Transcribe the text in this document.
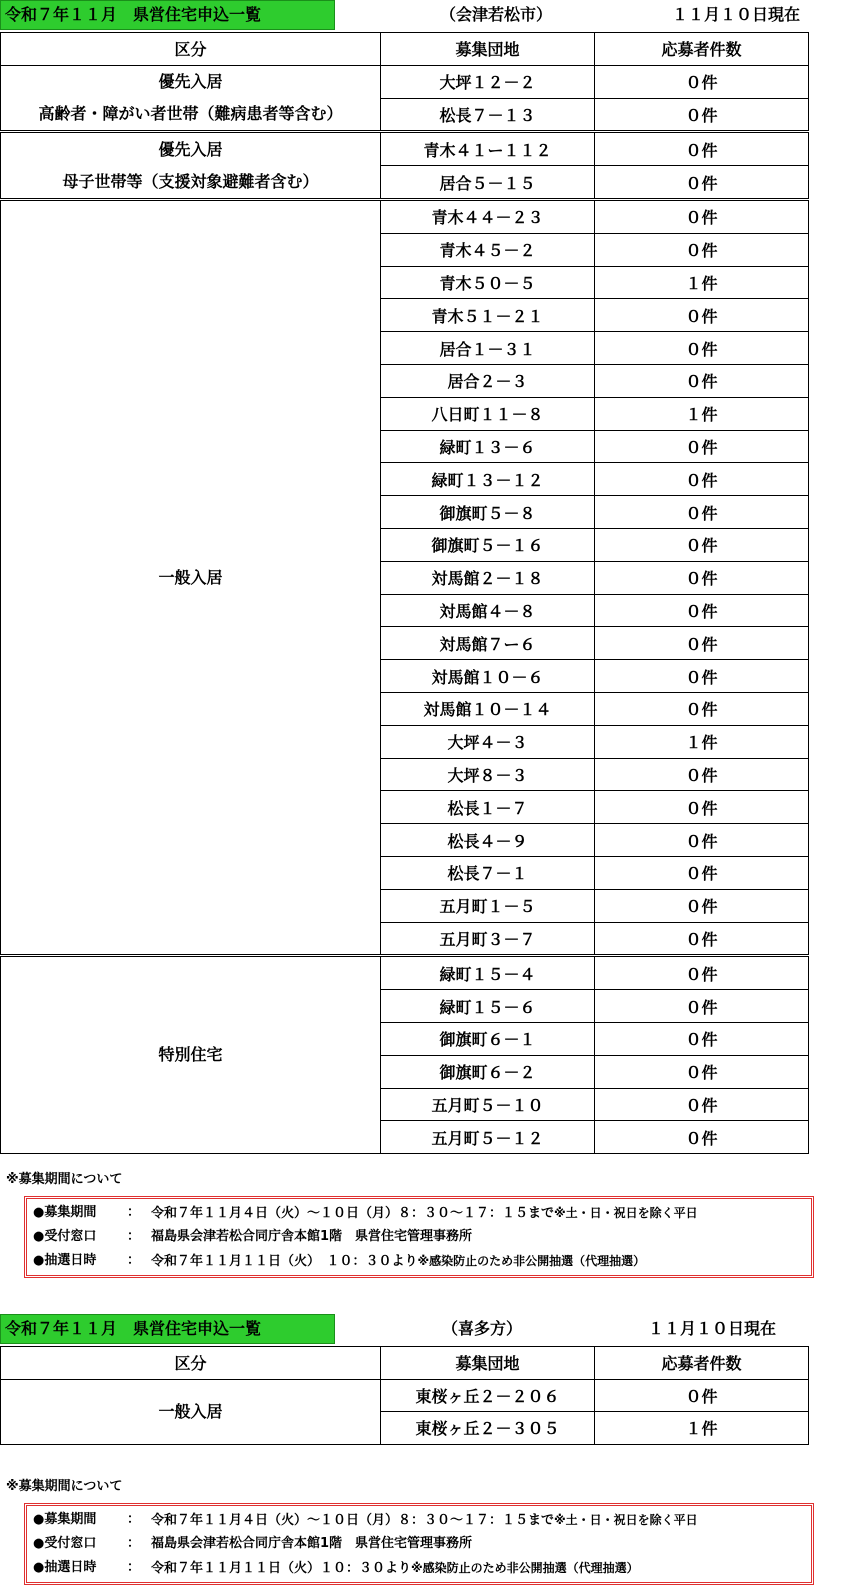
令和７年１１月　県営住宅申込一覧	（会津若松市）	１１月１０日現在
区分	募集団地	応募者件数

優先入居
高齢者・障がい者世帯（難病患者等含む）	大坪１２－２	０件
	松長７－１３	０件

優先入居
母子世帯等（支援対象避難者含む）	青木４１ー１１２	０件
	居合５－１５	０件

一般入居	青木４４－２３	０件
	青木４５－２	０件
	青木５０－５	１件
	青木５１－２１	０件
	居合１－３１	０件
	居合２－３	０件
	八日町１１－８	１件
	緑町１３－６	０件
	緑町１３－１２	０件
	御旗町５－８	０件
	御旗町５－１６	０件
	対馬館２－１８	０件
	対馬館４－８	０件
	対馬館７ー６	０件
	対馬館１０－６	０件
	対馬館１０－１４	０件
	大坪４－３	１件
	大坪８－３	０件
	松長１－７	０件
	松長４－９	０件
	松長７－１	０件
	五月町１－５	０件
	五月町３－７	０件

特別住宅	緑町１５－４	０件
	緑町１５－６	０件
	御旗町６－１	０件
	御旗町６－２	０件
	五月町５－１０	０件
	五月町５－１２	０件
※募集期間について
●募集期間 ： 令和７年１１月４日（火）～１０日（月）８：３０～１７：１５まで※土・日・祝日を除く平日
●受付窓口 ： 福島県会津若松合同庁舎本館1階　県営住宅管理事務所
●抽選日時 ： 令和７年１１月１１日（火）　１０：３０より※感染防止のため非公開抽選（代理抽選）
令和７年１１月　県営住宅申込一覧	（喜多方）	１１月１０日現在
区分	募集団地	応募者件数

一般入居	東桜ヶ丘２－２０６	０件
	東桜ヶ丘２－３０５	１件
※募集期間について
●募集期間 ： 令和７年１１月４日（火）～１０日（月）８：３０～１７：１５まで※土・日・祝日を除く平日
●受付窓口 ： 福島県会津若松合同庁舎本館1階　県営住宅管理事務所
●抽選日時 ： 令和７年１１月１１日（火）１０：３０より※感染防止のため非公開抽選（代理抽選）
